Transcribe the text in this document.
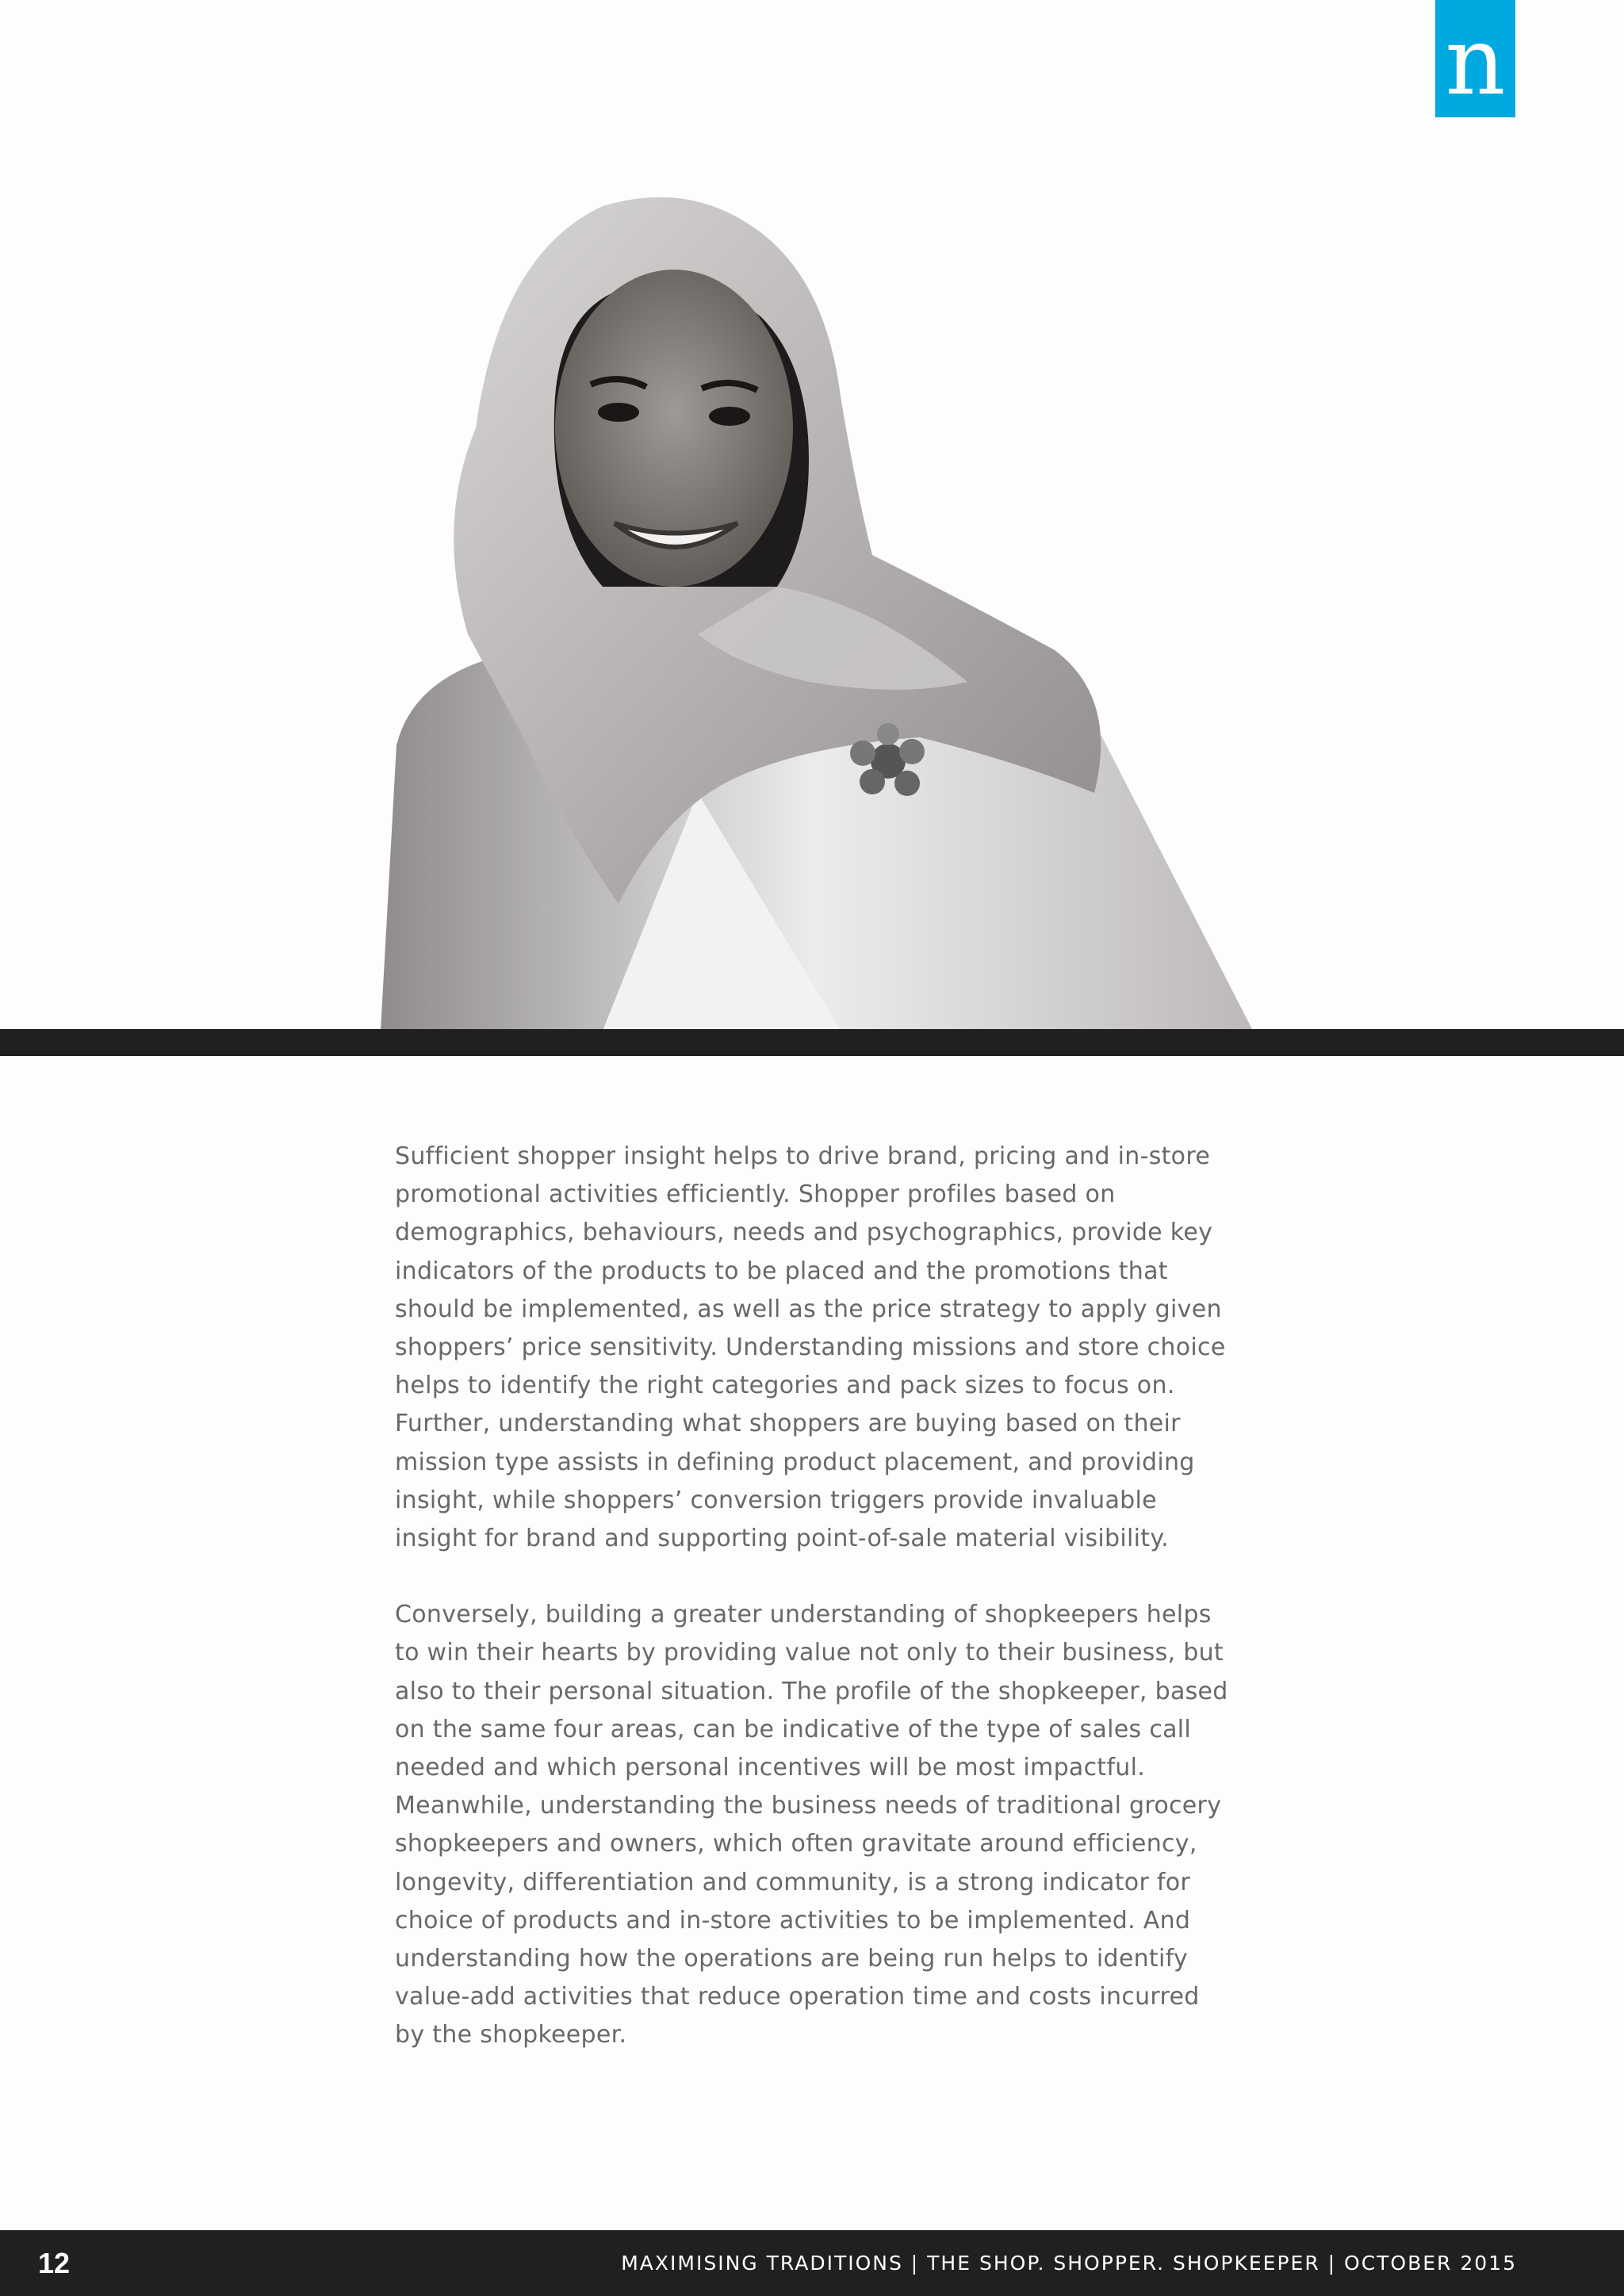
n

Sufficient shopper insight helps to drive brand, pricing and in-store promotional activities efficiently. Shopper profiles based on demographics, behaviours, needs and psychographics, provide key indicators of the products to be placed and the promotions that should be implemented, as well as the price strategy to apply given shoppers’ price sensitivity. Understanding missions and store choice helps to identify the right categories and pack sizes to focus on. Further, understanding what shoppers are buying based on their mission type assists in defining product placement, and providing insight, while shoppers’ conversion triggers provide invaluable insight for brand and supporting point-of-sale material visibility.

Conversely, building a greater understanding of shopkeepers helps to win their hearts by providing value not only to their business, but also to their personal situation. The profile of the shopkeeper, based on the same four areas, can be indicative of the type of sales call needed and which personal incentives will be most impactful. Meanwhile, understanding the business needs of traditional grocery shopkeepers and owners, which often gravitate around efficiency, longevity, differentiation and community, is a strong indicator for choice of products and in-store activities to be implemented. And understanding how the operations are being run helps to identify value-add activities that reduce operation time and costs incurred by the shopkeeper.

12	MAXIMISING TRADITIONS | THE SHOP. SHOPPER. SHOPKEEPER | OCTOBER 2015
